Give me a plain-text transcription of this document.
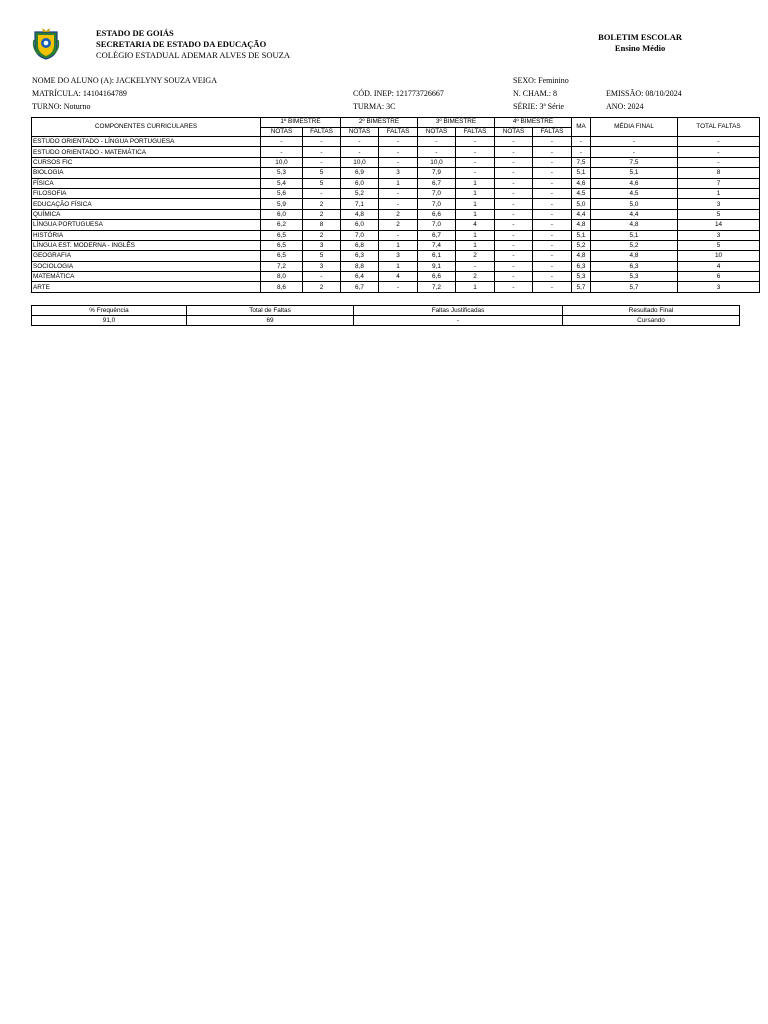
ESTADO DE GOIÁS
SECRETARIA DE ESTADO DA EDUCAÇÃO
COLÉGIO ESTADUAL ADEMAR ALVES DE SOUZA
BOLETIM ESCOLAR
Ensino Médio
NOME DO ALUNO (A): JACKELYNY SOUZA VEIGA	SEXO: Feminino
MATRÍCULA: 14104164789	CÓD. INEP: 121773726667	N. CHAM.: 8	EMISSÃO: 08/10/2024
TURNO: Noturno	TURMA: 3C	SÉRIE: 3ª Série	ANO: 2024
COMPONENTES CURRICULARES	1º BIMESTRE		2º BIMESTRE		3º BIMESTRE		4º BIMESTRE		MA	MÉDIA FINAL	TOTAL FALTAS
	NOTAS	FALTAS	NOTAS	FALTAS	NOTAS	FALTAS	NOTAS	FALTAS			
ESTUDO ORIENTADO - LÍNGUA PORTUGUESA	-	-	-	-	-	-	-	-	-	-	-
ESTUDO ORIENTADO - MATEMÁTICA	-	-	-	-	-	-	-	-	-	-	-
CURSOS FIC	10,0	-	10,0	-	10,0	-	-	-	7,5	7,5	-
BIOLOGIA	5,3	5	6,9	3	7,9	-	-	-	5,1	5,1	8
FÍSICA	5,4	5	6,0	1	6,7	1	-	-	4,6	4,6	7
FILOSOFIA	5,6	-	5,2	-	7,0	1	-	-	4,5	4,5	1
EDUCAÇÃO FÍSICA	5,9	2	7,1	-	7,0	1	-	-	5,0	5,0	3
QUÍMICA	6,0	2	4,8	2	6,6	1	-	-	4,4	4,4	5
LÍNGUA PORTUGUESA	6,2	8	6,0	2	7,0	4	-	-	4,8	4,8	14
HISTÓRIA	6,5	2	7,0	-	6,7	1	-	-	5,1	5,1	3
LÍNGUA EST. MODERNA - INGLÊS	6,5	3	6,8	1	7,4	1	-	-	5,2	5,2	5
GEOGRAFIA	6,5	5	6,3	3	6,1	2	-	-	4,8	4,8	10
SOCIOLOGIA	7,2	3	8,8	1	9,1	-	-	-	6,3	6,3	4
MATEMÁTICA	8,0	-	6,4	4	6,6	2	-	-	5,3	5,3	6
ARTE	8,6	2	6,7	-	7,2	1	-	-	5,7	5,7	3
% Frequência	Total de Faltas	Faltas Justificadas	Resultado Final
91,0	69	-	Cursando
